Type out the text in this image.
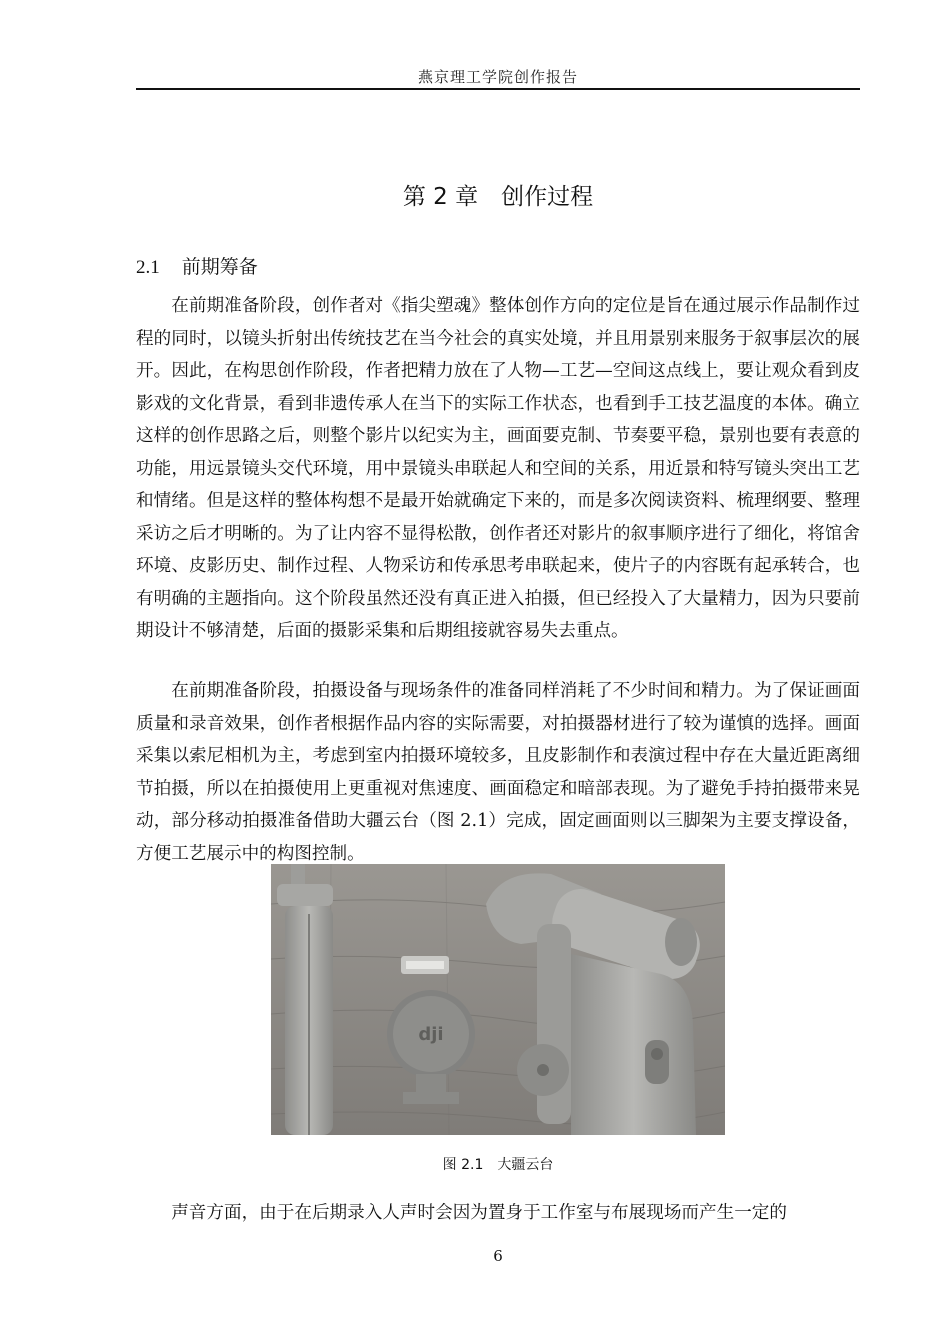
燕京理工学院创作报告
第 2 章　创作过程
2.1 前期筹备

在前期准备阶段，创作者对《指尖塑魂》整体创作方向的定位是旨在通过展示作品制作过程的同时，以镜头折射出传统技艺在当今社会的真实处境，并且用景别来服务于叙事层次的展开。因此，在构思创作阶段，作者把精力放在了人物—工艺—空间这点线上，要让观众看到皮影戏的文化背景，看到非遗传承人在当下的实际工作状态，也看到手工技艺温度的本体。确立这样的创作思路之后，则整个影片以纪实为主，画面要克制、节奏要平稳，景别也要有表意的功能，用远景镜头交代环境，用中景镜头串联起人和空间的关系，用近景和特写镜头突出工艺和情绪。但是这样的整体构想不是最开始就确定下来的，而是多次阅读资料、梳理纲要、整理采访之后才明晰的。为了让内容不显得松散，创作者还对影片的叙事顺序进行了细化，将馆舍环境、皮影历史、制作过程、人物采访和传承思考串联起来，使片子的内容既有起承转合，也有明确的主题指向。这个阶段虽然还没有真正进入拍摄，但已经投入了大量精力，因为只要前期设计不够清楚，后面的摄影采集和后期组接就容易失去重点。

在前期准备阶段，拍摄设备与现场条件的准备同样消耗了不少时间和精力。为了保证画面质量和录音效果，创作者根据作品内容的实际需要，对拍摄器材进行了较为谨慎的选择。画面采集以索尼相机为主，考虑到室内拍摄环境较多，且皮影制作和表演过程中存在大量近距离细节拍摄，所以在拍摄使用上更重视对焦速度、画面稳定和暗部表现。为了避免手持拍摄带来晃动，部分移动拍摄准备借助大疆云台（图 2.1）完成，固定画面则以三脚架为主要支撑设备，方便工艺展示中的构图控制。

dji
图 2.1 大疆云台

声音方面，由于在后期录入人声时会因为置身于工作室与布展现场而产生一定的

6
